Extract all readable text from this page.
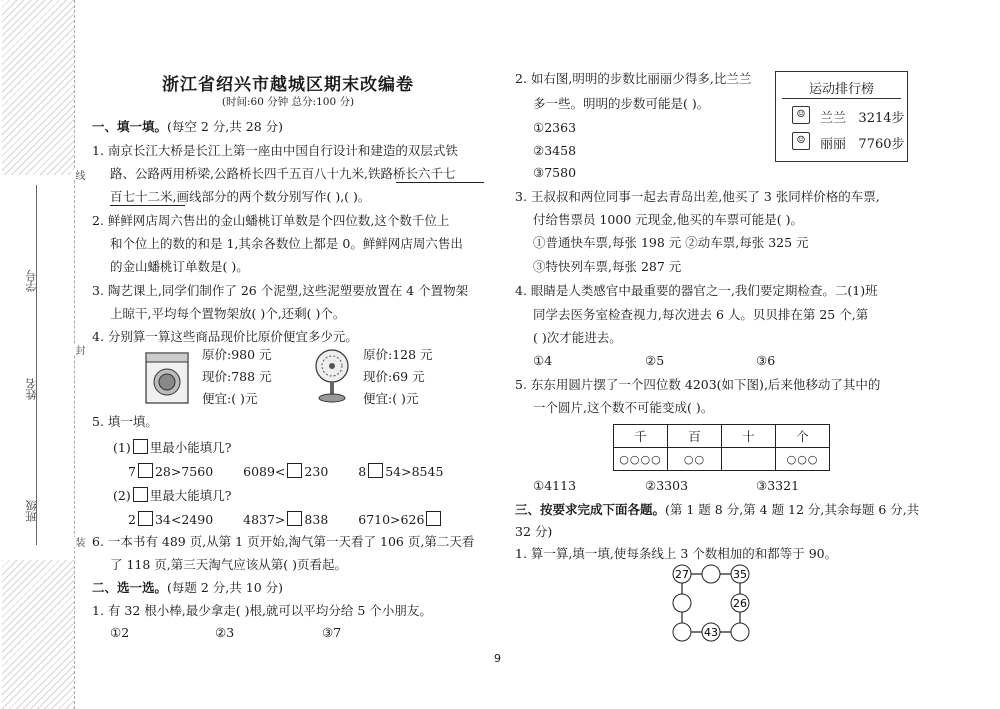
学号
姓名
班级
线
封
装
浙江省绍兴市越城区期末改编卷
(时间:60 分钟 总分:100 分)
一、填一填。(每空 2 分,共 28 分)
1. 南京长江大桥是长江上第一座由中国自行设计和建造的双层式铁
路、公路两用桥梁,公路桥长四千五百八十九米,铁路桥长六千七
百七十二米,画线部分的两个数分别写作( ),( )。
2. 鲜鲜网店周六售出的金山蟠桃订单数是个四位数,这个数千位上
和个位上的数的和是 1,其余各数位上都是 0。鲜鲜网店周六售出
的金山蟠桃订单数是( )。
3. 陶艺课上,同学们制作了 26 个泥塑,这些泥塑要放置在 4 个置物架
上晾干,平均每个置物架放( )个,还剩( )个。
4. 分别算一算这些商品现价比原价便宜多少元。
原价:980 元
现价:788 元
便宜:( )元
原价:128 元
现价:69 元
便宜:( )元
5. 填一填。
(1) 里最小能填几?
7 28>7560 6089< 230 8 54>8545
(2) 里最大能填几?
2 34<2490 4837> 838 6710>626
6. 一本书有 489 页,从第 1 页开始,淘气第一天看了 106 页,第二天看
了 118 页,第三天淘气应该从第( )页看起。
二、选一选。(每题 2 分,共 10 分)
1. 有 32 根小棒,最少拿走( )根,就可以平均分给 5 个小朋友。
①2	②3	③7
2. 如右图,明明的步数比丽丽少得多,比兰兰
多一些。明明的步数可能是( )。
①2363
②3458
③7580
运动排行榜
☺	兰兰 3214步
☺	丽丽 7760步
3. 王叔叔和两位同事一起去青岛出差,他买了 3 张同样价格的车票,
付给售票员 1000 元现金,他买的车票可能是( )。
①普通快车票,每张 198 元 ②动车票,每张 325 元
③特快列车票,每张 287 元
4. 眼睛是人类感官中最重要的器官之一,我们要定期检查。二(1)班
同学去医务室检查视力,每次进去 6 人。贝贝排在第 25 个,第
( )次才能进去。
①4	②5	③6
5. 东东用圆片摆了一个四位数 4203(如下图),后来他移动了其中的
一个圆片,这个数不可能变成( )。
千	百	十	个
○○○○	○○		○○○
①4113	②3303	③3321
三、按要求完成下面各题。(第 1 题 8 分,第 4 题 12 分,其余每题 6 分,共
32 分)
1. 算一算,填一填,使每条线上 3 个数相加的和都等于 90。
27	35
26
43
9
